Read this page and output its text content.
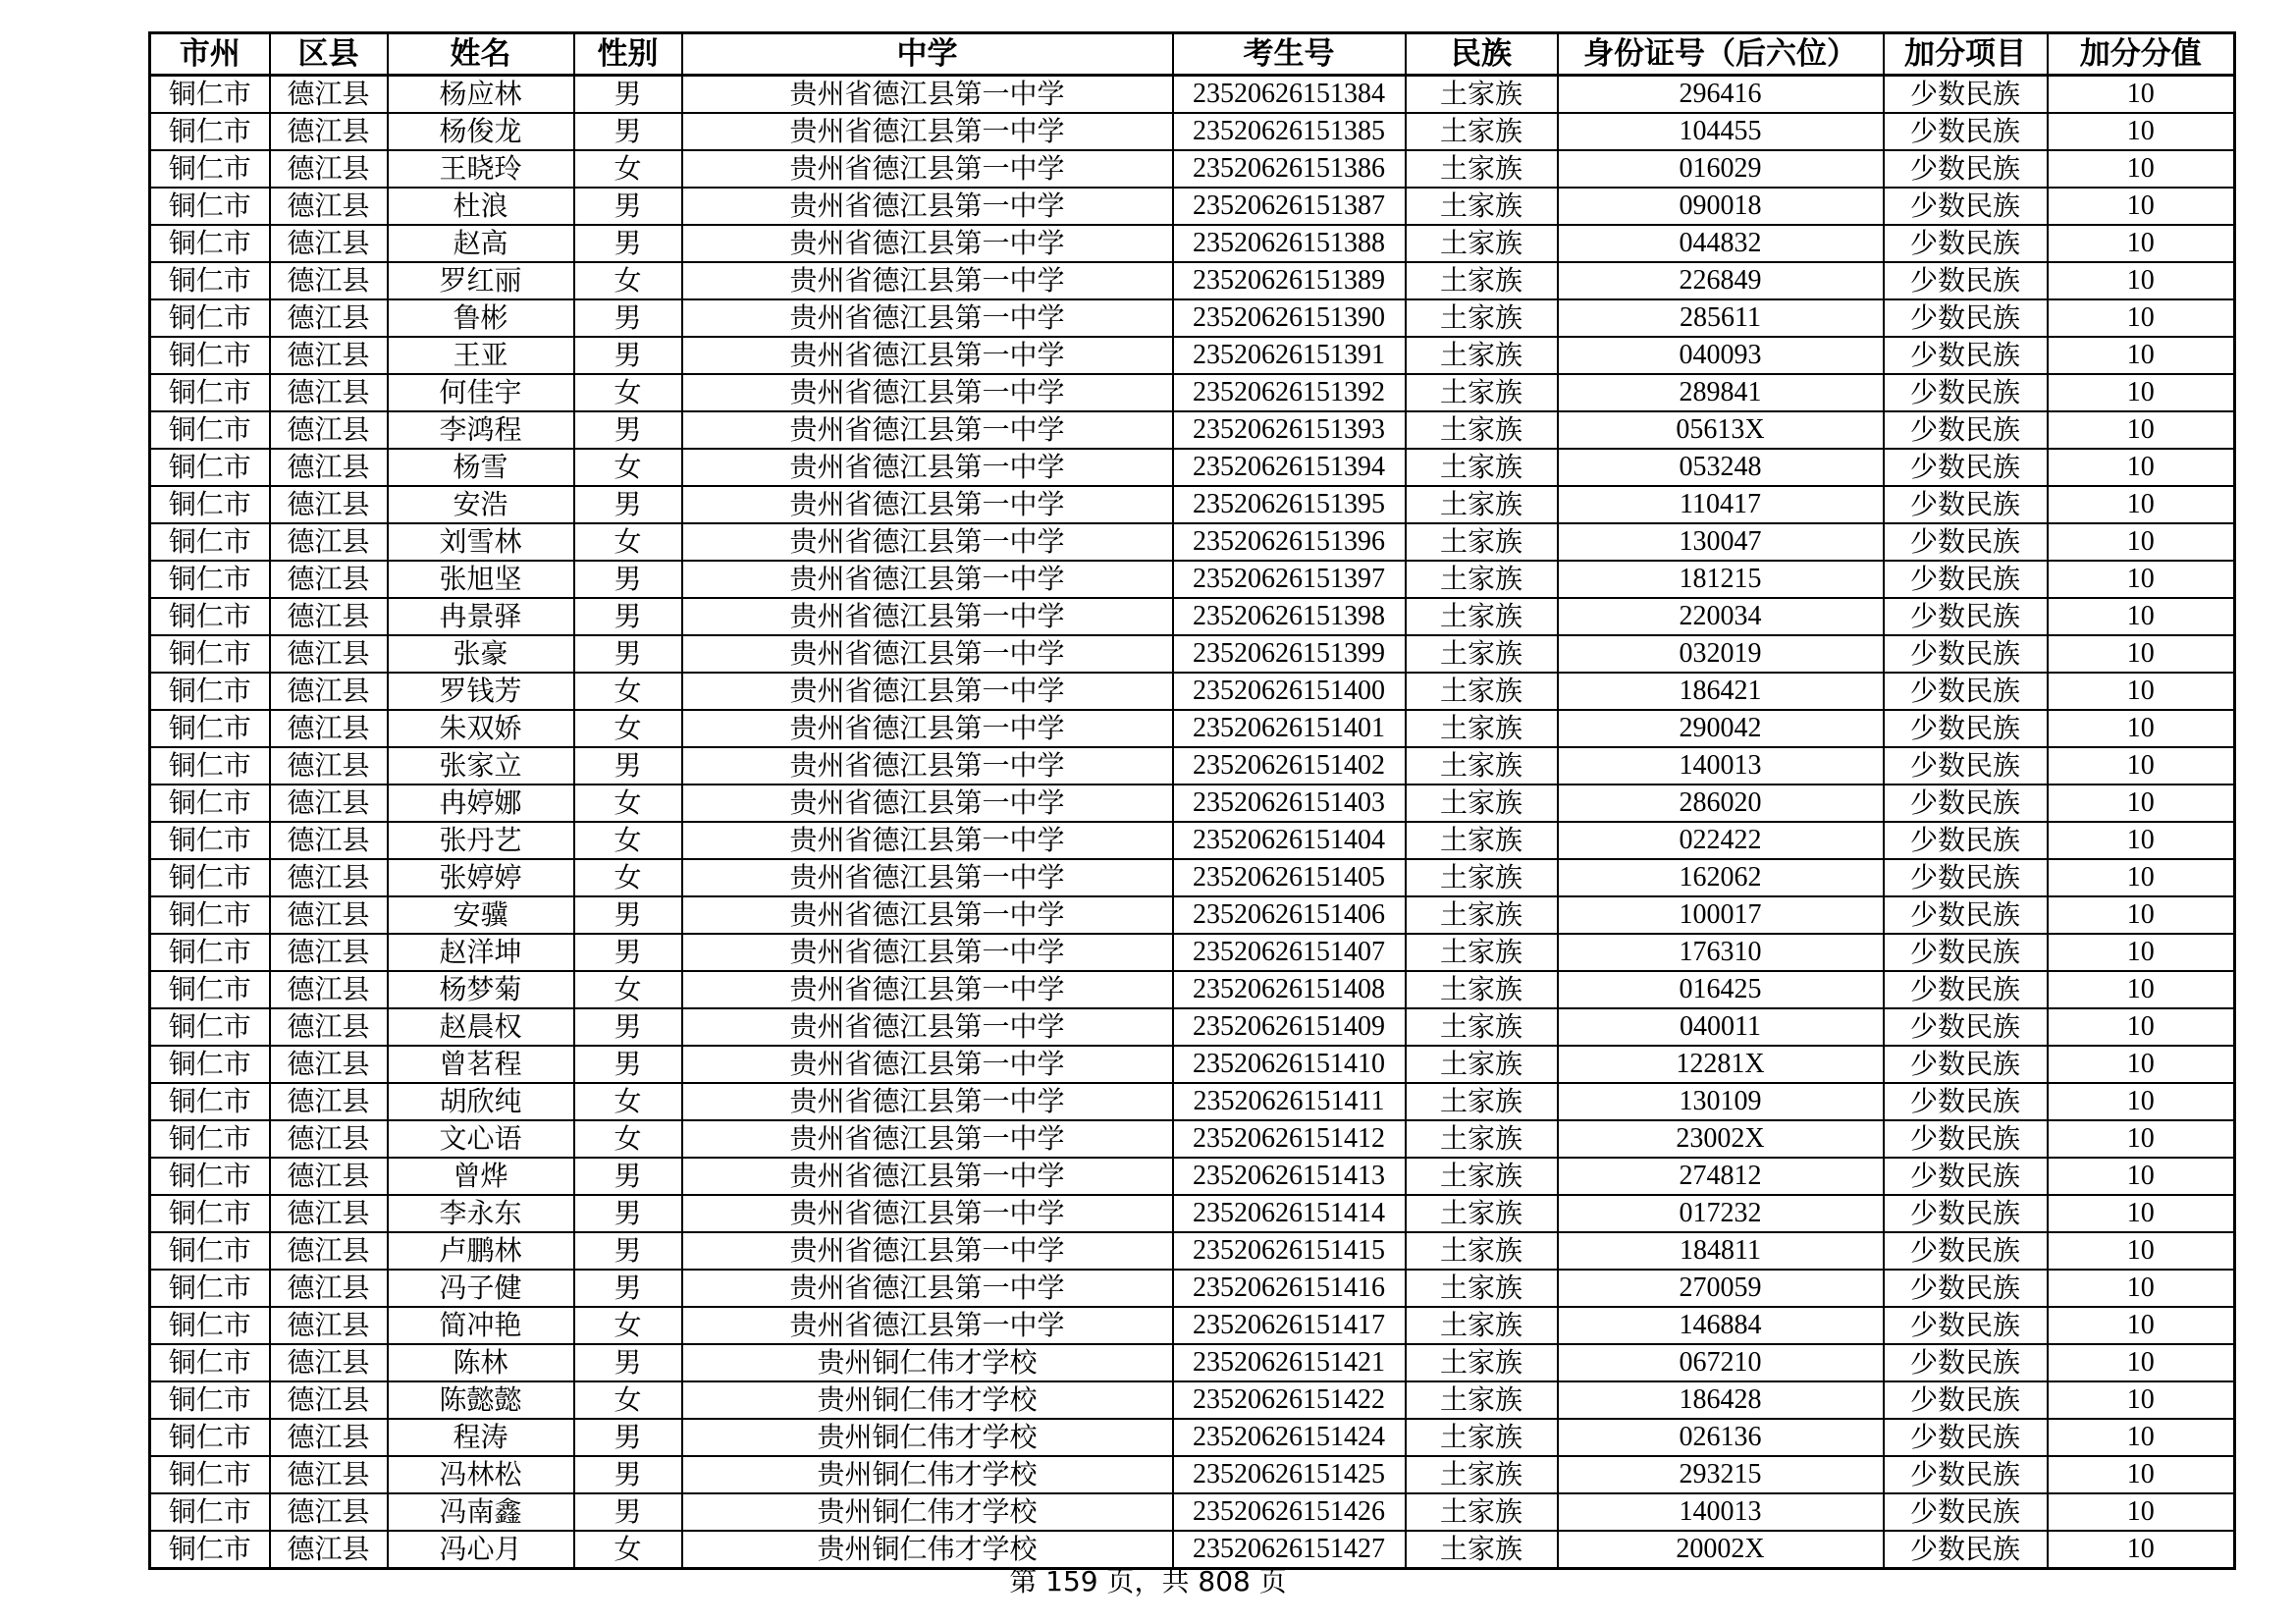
市州	区县	姓名	性别	中学	考生号	民族	身份证号（后六位）	加分项目	加分分值
铜仁市	德江县	杨应林	男	贵州省德江县第一中学	23520626151384	土家族	296416	少数民族	10
铜仁市	德江县	杨俊龙	男	贵州省德江县第一中学	23520626151385	土家族	104455	少数民族	10
铜仁市	德江县	王晓玲	女	贵州省德江县第一中学	23520626151386	土家族	016029	少数民族	10
铜仁市	德江县	杜浪	男	贵州省德江县第一中学	23520626151387	土家族	090018	少数民族	10
铜仁市	德江县	赵高	男	贵州省德江县第一中学	23520626151388	土家族	044832	少数民族	10
铜仁市	德江县	罗红丽	女	贵州省德江县第一中学	23520626151389	土家族	226849	少数民族	10
铜仁市	德江县	鲁彬	男	贵州省德江县第一中学	23520626151390	土家族	285611	少数民族	10
铜仁市	德江县	王亚	男	贵州省德江县第一中学	23520626151391	土家族	040093	少数民族	10
铜仁市	德江县	何佳宇	女	贵州省德江县第一中学	23520626151392	土家族	289841	少数民族	10
铜仁市	德江县	李鸿程	男	贵州省德江县第一中学	23520626151393	土家族	05613X	少数民族	10
铜仁市	德江县	杨雪	女	贵州省德江县第一中学	23520626151394	土家族	053248	少数民族	10
铜仁市	德江县	安浩	男	贵州省德江县第一中学	23520626151395	土家族	110417	少数民族	10
铜仁市	德江县	刘雪林	女	贵州省德江县第一中学	23520626151396	土家族	130047	少数民族	10
铜仁市	德江县	张旭坚	男	贵州省德江县第一中学	23520626151397	土家族	181215	少数民族	10
铜仁市	德江县	冉景驿	男	贵州省德江县第一中学	23520626151398	土家族	220034	少数民族	10
铜仁市	德江县	张豪	男	贵州省德江县第一中学	23520626151399	土家族	032019	少数民族	10
铜仁市	德江县	罗钱芳	女	贵州省德江县第一中学	23520626151400	土家族	186421	少数民族	10
铜仁市	德江县	朱双娇	女	贵州省德江县第一中学	23520626151401	土家族	290042	少数民族	10
铜仁市	德江县	张家立	男	贵州省德江县第一中学	23520626151402	土家族	140013	少数民族	10
铜仁市	德江县	冉婷娜	女	贵州省德江县第一中学	23520626151403	土家族	286020	少数民族	10
铜仁市	德江县	张丹艺	女	贵州省德江县第一中学	23520626151404	土家族	022422	少数民族	10
铜仁市	德江县	张婷婷	女	贵州省德江县第一中学	23520626151405	土家族	162062	少数民族	10
铜仁市	德江县	安骥	男	贵州省德江县第一中学	23520626151406	土家族	100017	少数民族	10
铜仁市	德江县	赵洋坤	男	贵州省德江县第一中学	23520626151407	土家族	176310	少数民族	10
铜仁市	德江县	杨梦菊	女	贵州省德江县第一中学	23520626151408	土家族	016425	少数民族	10
铜仁市	德江县	赵晨权	男	贵州省德江县第一中学	23520626151409	土家族	040011	少数民族	10
铜仁市	德江县	曾茗程	男	贵州省德江县第一中学	23520626151410	土家族	12281X	少数民族	10
铜仁市	德江县	胡欣纯	女	贵州省德江县第一中学	23520626151411	土家族	130109	少数民族	10
铜仁市	德江县	文心语	女	贵州省德江县第一中学	23520626151412	土家族	23002X	少数民族	10
铜仁市	德江县	曾烨	男	贵州省德江县第一中学	23520626151413	土家族	274812	少数民族	10
铜仁市	德江县	李永东	男	贵州省德江县第一中学	23520626151414	土家族	017232	少数民族	10
铜仁市	德江县	卢鹏林	男	贵州省德江县第一中学	23520626151415	土家族	184811	少数民族	10
铜仁市	德江县	冯子健	男	贵州省德江县第一中学	23520626151416	土家族	270059	少数民族	10
铜仁市	德江县	简冲艳	女	贵州省德江县第一中学	23520626151417	土家族	146884	少数民族	10
铜仁市	德江县	陈林	男	贵州铜仁伟才学校	23520626151421	土家族	067210	少数民族	10
铜仁市	德江县	陈懿懿	女	贵州铜仁伟才学校	23520626151422	土家族	186428	少数民族	10
铜仁市	德江县	程涛	男	贵州铜仁伟才学校	23520626151424	土家族	026136	少数民族	10
铜仁市	德江县	冯林松	男	贵州铜仁伟才学校	23520626151425	土家族	293215	少数民族	10
铜仁市	德江县	冯南鑫	男	贵州铜仁伟才学校	23520626151426	土家族	140013	少数民族	10
铜仁市	德江县	冯心月	女	贵州铜仁伟才学校	23520626151427	土家族	20002X	少数民族	10
第 159 页，共 808 页
